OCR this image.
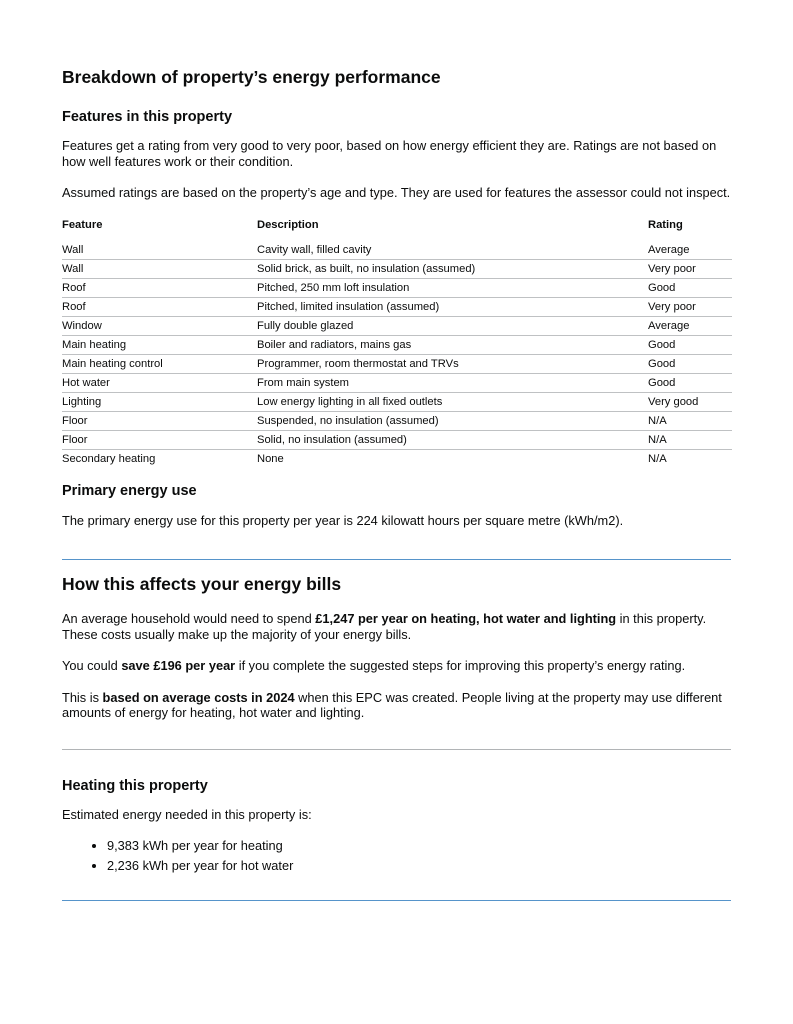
Breakdown of property’s energy performance
Features in this property

Features get a rating from very good to very poor, based on how energy efficient they are. Ratings are not based on how well features work or their condition.

Assumed ratings are based on the property’s age and type. They are used for features the assessor could not inspect.

Feature	Description	Rating
Wall	Cavity wall, filled cavity	Average
Wall	Solid brick, as built, no insulation (assumed)	Very poor
Roof	Pitched, 250 mm loft insulation	Good
Roof	Pitched, limited insulation (assumed)	Very poor
Window	Fully double glazed	Average
Main heating	Boiler and radiators, mains gas	Good
Main heating control	Programmer, room thermostat and TRVs	Good
Hot water	From main system	Good
Lighting	Low energy lighting in all fixed outlets	Very good
Floor	Suspended, no insulation (assumed)	N/A
Floor	Solid, no insulation (assumed)	N/A
Secondary heating	None	N/A
Primary energy use

The primary energy use for this property per year is 224 kilowatt hours per square metre (kWh/m2).

How this affects your energy bills

An average household would need to spend £1,247 per year on heating, hot water and lighting in this property. These costs usually make up the majority of your energy bills.

You could save £196 per year if you complete the suggested steps for improving this property’s energy rating.

This is based on average costs in 2024 when this EPC was created. People living at the property may use different amounts of energy for heating, hot water and lighting.

Heating this property

Estimated energy needed in this property is:

• 9,383 kWh per year for heating
• 2,236 kWh per year for hot water
